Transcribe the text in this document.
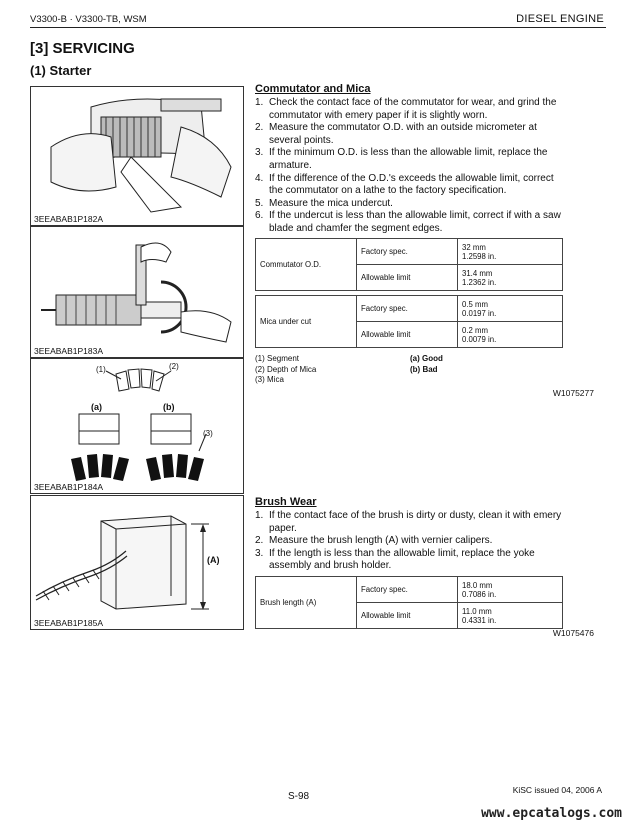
V3300-B · V3300-TB, WSM	DIESEL ENGINE
[3] SERVICING
(1) Starter
3EEABAB1P182A
3EEABAB1P183A
(1)	(2)
(a)	(b)
(3)
3EEABAB1P184A
(A)
3EEABAB1P185A
Commutator and Mica
1. Check the contact face of the commutator for wear, and grind the commutator with emery paper if it is slightly worn.
2. Measure the commutator O.D. with an outside micrometer at several points.
3. If the minimum O.D. is less than the allowable limit, replace the armature.
4. If the difference of the O.D.'s exceeds the allowable limit, correct the commutator on a lathe to the factory specification.
5. Measure the mica undercut.
6. If the undercut is less than the allowable limit, correct if with a saw blade and chamfer the segment edges.
Commutator O.D.	Factory spec.	32 mm
1.2598 in.

	Allowable limit	31.4 mm
1.2362 in.
Mica under cut	Factory spec.	0.5 mm
0.0197 in.

	Allowable limit	0.2 mm
0.0079 in.
(1) Segment
(2) Depth of Mica
(3) Mica
(a) Good
(b) Bad
W1075277
Brush Wear
1. If the contact face of the brush is dirty or dusty, clean it with emery paper.
2. Measure the brush length (A) with vernier calipers.
3. If the length is less than the allowable limit, replace the yoke assembly and brush holder.
Brush length (A)	Factory spec.	18.0 mm
0.7086 in.

	Allowable limit	11.0 mm
0.4331 in.
W1075476
KiSC issued 04, 2006 A
S-98
www.epcatalogs.com
